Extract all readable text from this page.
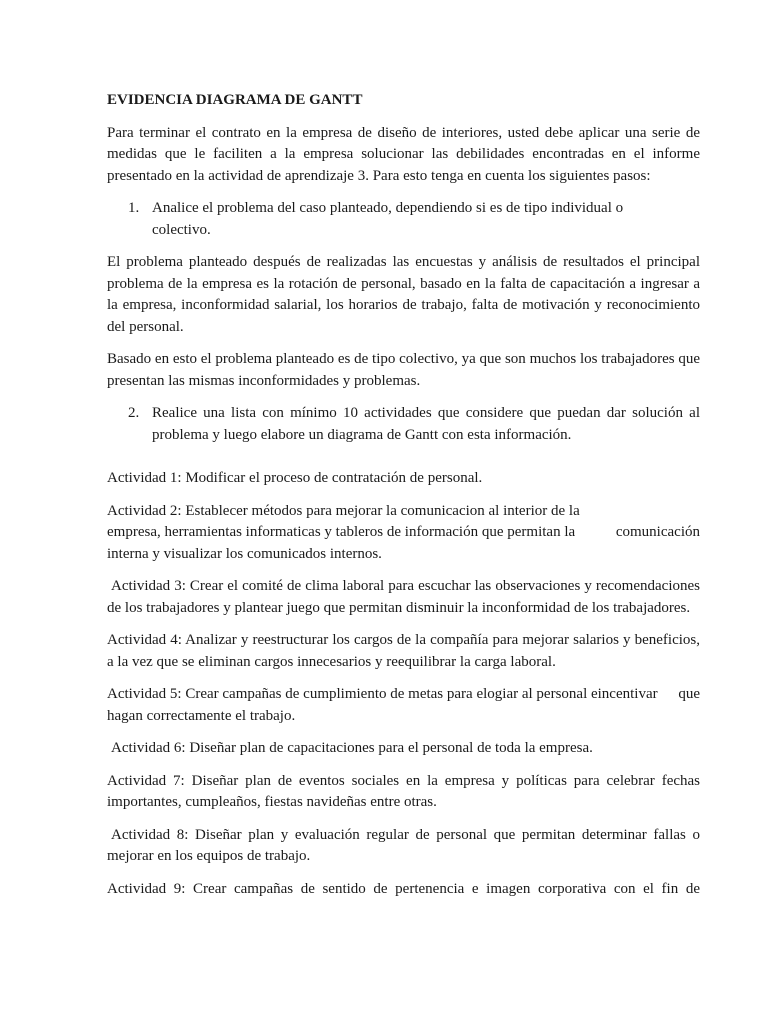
EVIDENCIA DIAGRAMA DE GANTT

Para terminar el contrato en la empresa de diseño de interiores, usted debe aplicar una serie de medidas que le faciliten a la empresa solucionar las debilidades encontradas en el informe presentado en la actividad de aprendizaje 3. Para esto tenga en cuenta los siguientes pasos:

1. Analice el problema del caso planteado, dependiendo si es de tipo individual o
colectivo.

El problema planteado después de realizadas las encuestas y análisis de resultados el principal problema de la empresa es la rotación de personal, basado en la falta de capacitación a ingresar a la empresa, inconformidad salarial, los horarios de trabajo, falta de motivación y reconocimiento del personal.

Basado en esto el problema planteado es de tipo colectivo, ya que son muchos los trabajadores que presentan las mismas inconformidades y problemas.

2. Realice una lista con mínimo 10 actividades que considere que puedan dar solución al problema y luego elabore un diagrama de Gantt con esta información.

Actividad 1: Modificar el proceso de contratación de personal.

Actividad 2: Establecer métodos para mejorar la comunicacion al interior de la
empresa, herramientas informaticas y tableros de información que permitan la	comunicación
interna y visualizar los comunicados internos.

Actividad 3: Crear el comité de clima laboral para escuchar las observaciones y recomendaciones de los trabajadores y plantear juego que permitan disminuir la inconformidad de los trabajadores.

Actividad 4: Analizar y reestructurar los cargos de la compañía para mejorar salarios y beneficios, a la vez que se eliminan cargos innecesarios y reequilibrar la carga laboral.

Actividad 5: Crear campañas de cumplimiento de metas para elogiar al personal eincentivar que
hagan correctamente el trabajo.

Actividad 6: Diseñar plan de capacitaciones para el personal de toda la empresa.

Actividad 7: Diseñar plan de eventos sociales en la empresa y políticas para celebrar fechas importantes, cumpleaños, fiestas navideñas entre otras.

Actividad 8: Diseñar plan y evaluación regular de personal que permitan determinar fallas o mejorar en los equipos de trabajo.

Actividad 9: Crear campañas de sentido de pertenencia e imagen corporativa con el fin de
